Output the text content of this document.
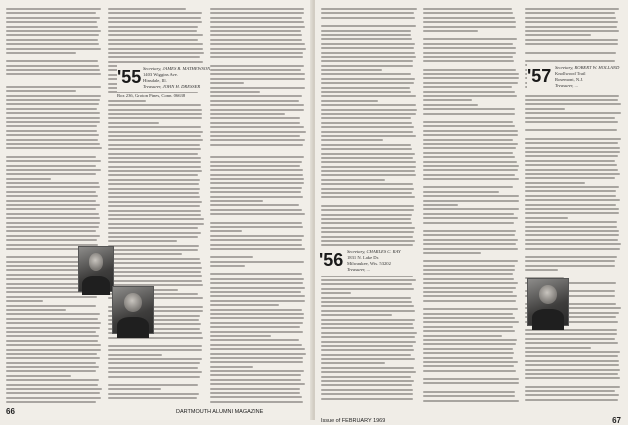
'55 Secretary, JAMES B. MATHEWSON
1403 Wiggins Ave.
Hinsdale, Ill.
Treasurer, JOHN H. DRESSER
Box 236, Groton Pines, Conn. 06638
66	DARTMOUTH ALUMNI MAGAZINE
'56 Secretary, CHARLES C. RAY
1831 N. Lake Dr.
Milwaukee, Wis. 53202
Treasurer, ...
'57 Secretary, ROBERT W. HOLLAND
Knollwood Trail
Rosemont, N.J.
Treasurer, ...
Issue of FEBRUARY 1969	67
